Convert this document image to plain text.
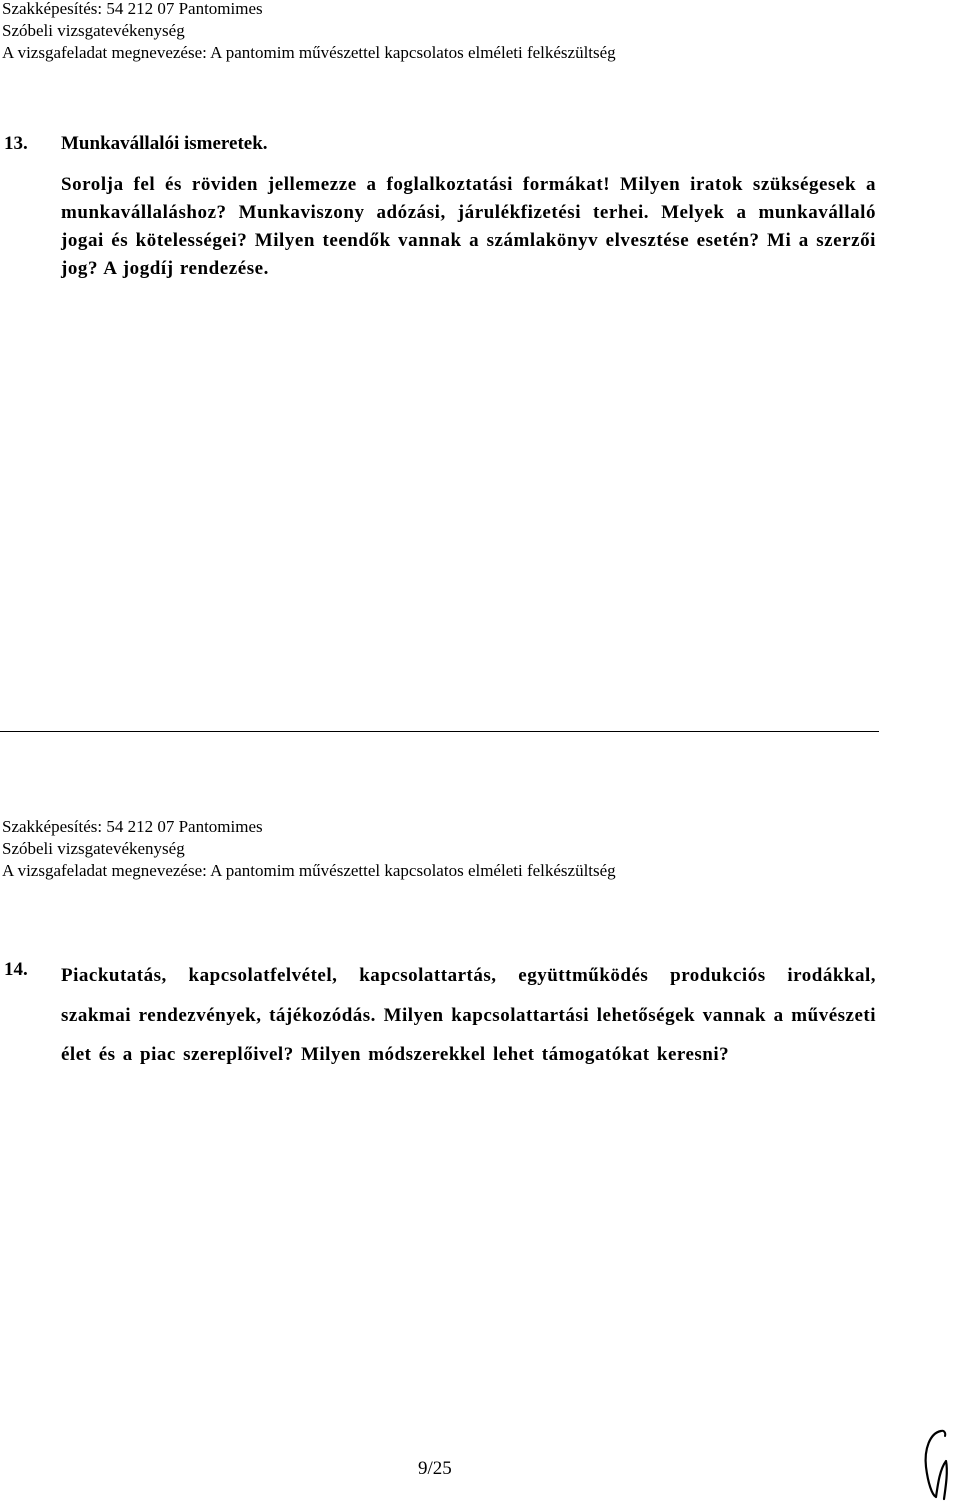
Szakképesítés: 54 212 07 Pantomimes
Szóbeli vizsgatevékenység
A vizsgafeladat megnevezése: A pantomim művészettel kapcsolatos elméleti felkészültség
13. Munkavállalói ismeretek.
Sorolja fel és röviden jellemezze a foglalkoztatási formákat! Milyen iratok szükségesek a munkavállaláshoz? Munkaviszony adózási, járulékfizetési terhei. Melyek a munkavállaló jogai és kötelességei? Milyen teendők vannak a számlakönyv elvesztése esetén? Mi a szerzői jog? A jogdíj rendezése.
Szakképesítés: 54 212 07 Pantomimes
Szóbeli vizsgatevékenység
A vizsgafeladat megnevezése: A pantomim művészettel kapcsolatos elméleti felkészültség
14. Piackutatás, kapcsolatfelvétel, kapcsolattartás, együttműködés produkciós irodákkal, szakmai rendezvények, tájékozódás. Milyen kapcsolattartási lehetőségek vannak a művészeti élet és a piac szereplőivel? Milyen módszerekkel lehet támogatókat keresni?
9/25
